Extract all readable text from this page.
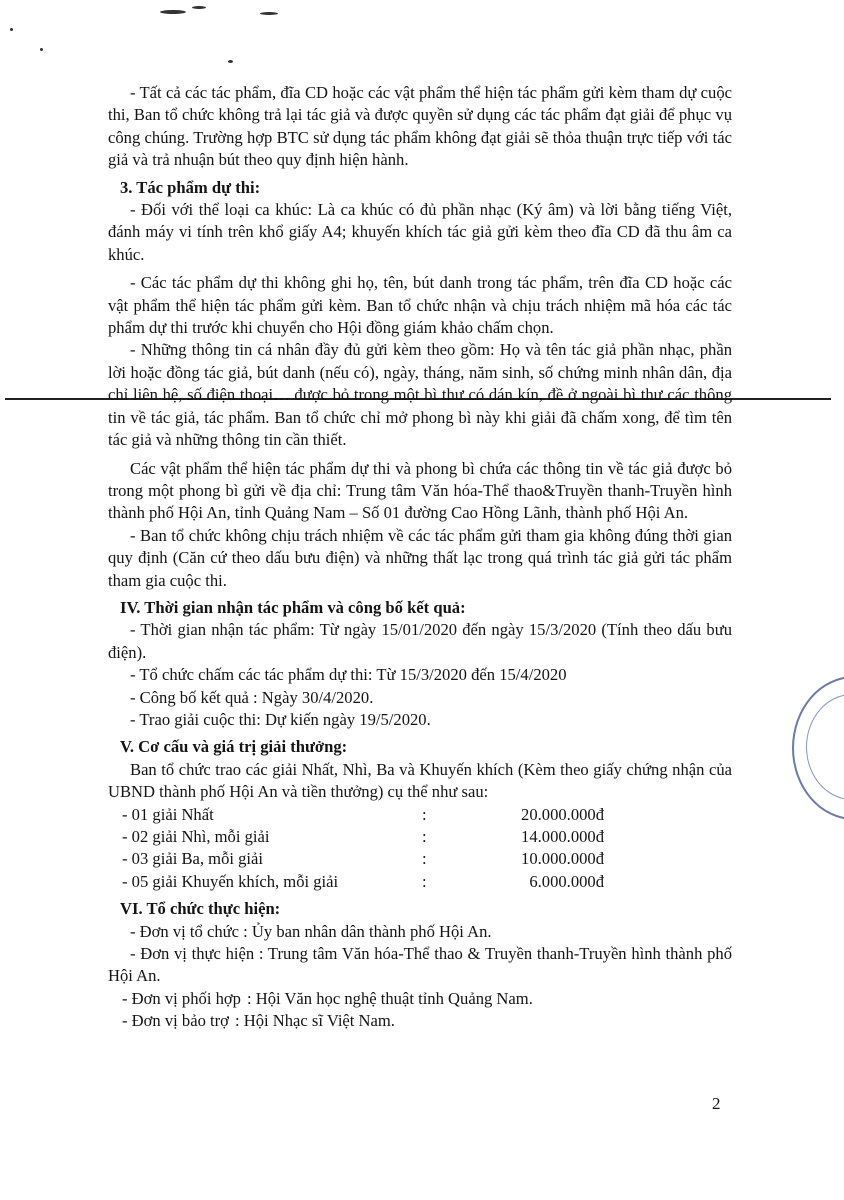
- Tất cả các tác phẩm, đĩa CD hoặc các vật phẩm thể hiện tác phẩm gửi kèm tham dự cuộc thi, Ban tổ chức không trả lại tác giả và được quyền sử dụng các tác phẩm đạt giải để phục vụ công chúng. Trường hợp BTC sử dụng tác phẩm không đạt giải sẽ thỏa thuận trực tiếp với tác giả và trả nhuận bút theo quy định hiện hành.

3. Tác phẩm dự thi:

- Đối với thể loại ca khúc: Là ca khúc có đủ phần nhạc (Ký âm) và lời bằng tiếng Việt, đánh máy vi tính trên khổ giấy A4; khuyến khích tác giả gửi kèm theo đĩa CD đã thu âm ca khúc.

- Các tác phẩm dự thi không ghi họ, tên, bút danh trong tác phẩm, trên đĩa CD hoặc các vật phẩm thể hiện tác phẩm gửi kèm. Ban tổ chức nhận và chịu trách nhiệm mã hóa các tác phẩm dự thi trước khi chuyển cho Hội đồng giám khảo chấm chọn.

- Những thông tin cá nhân đầy đủ gửi kèm theo gồm: Họ và tên tác giả phần nhạc, phần lời hoặc đồng tác giả, bút danh (nếu có), ngày, tháng, năm sinh, số chứng minh nhân dân, địa chỉ liên hệ, số điện thoại… được bỏ trong một bì thư có dán kín, đề ở ngoài bì thư các thông tin về tác giả, tác phẩm. Ban tổ chức chỉ mở phong bì này khi giải đã chấm xong, để tìm tên tác giả và những thông tin cần thiết.

Các vật phẩm thể hiện tác phẩm dự thi và phong bì chứa các thông tin về tác giả được bỏ trong một phong bì gửi về địa chỉ: Trung tâm Văn hóa-Thể thao&Truyền thanh-Truyền hình thành phố Hội An, tỉnh Quảng Nam – Số 01 đường Cao Hồng Lãnh, thành phố Hội An.

- Ban tổ chức không chịu trách nhiệm về các tác phẩm gửi tham gia không đúng thời gian quy định (Căn cứ theo dấu bưu điện) và những thất lạc trong quá trình tác giả gửi tác phẩm tham gia cuộc thi.

IV. Thời gian nhận tác phẩm và công bố kết quả:

- Thời gian nhận tác phẩm: Từ ngày 15/01/2020 đến ngày 15/3/2020 (Tính theo dấu bưu điện).

- Tổ chức chấm các tác phẩm dự thi: Từ 15/3/2020 đến 15/4/2020

- Công bố kết quả : Ngày 30/4/2020.

- Trao giải cuộc thi: Dự kiến ngày 19/5/2020.

V. Cơ cấu và giá trị giải thưởng:

Ban tổ chức trao các giải Nhất, Nhì, Ba và Khuyến khích (Kèm theo giấy chứng nhận của UBND thành phố Hội An và tiền thưởng) cụ thể như sau:

- 01 giải Nhất	:	20.000.000đ
- 02 giải Nhì, mỗi giải	:	14.000.000đ
- 03 giải Ba, mỗi giải	:	10.000.000đ
- 05 giải Khuyến khích, mỗi giải	:	6.000.000đ

VI. Tổ chức thực hiện:

- Đơn vị tổ chức : Ủy ban nhân dân thành phố Hội An.

- Đơn vị thực hiện : Trung tâm Văn hóa-Thể thao & Truyền thanh-Truyền hình thành phố Hội An.

- Đơn vị phối hợp : Hội Văn học nghệ thuật tỉnh Quảng Nam.
- Đơn vị bảo trợ : Hội Nhạc sĩ Việt Nam.
2
